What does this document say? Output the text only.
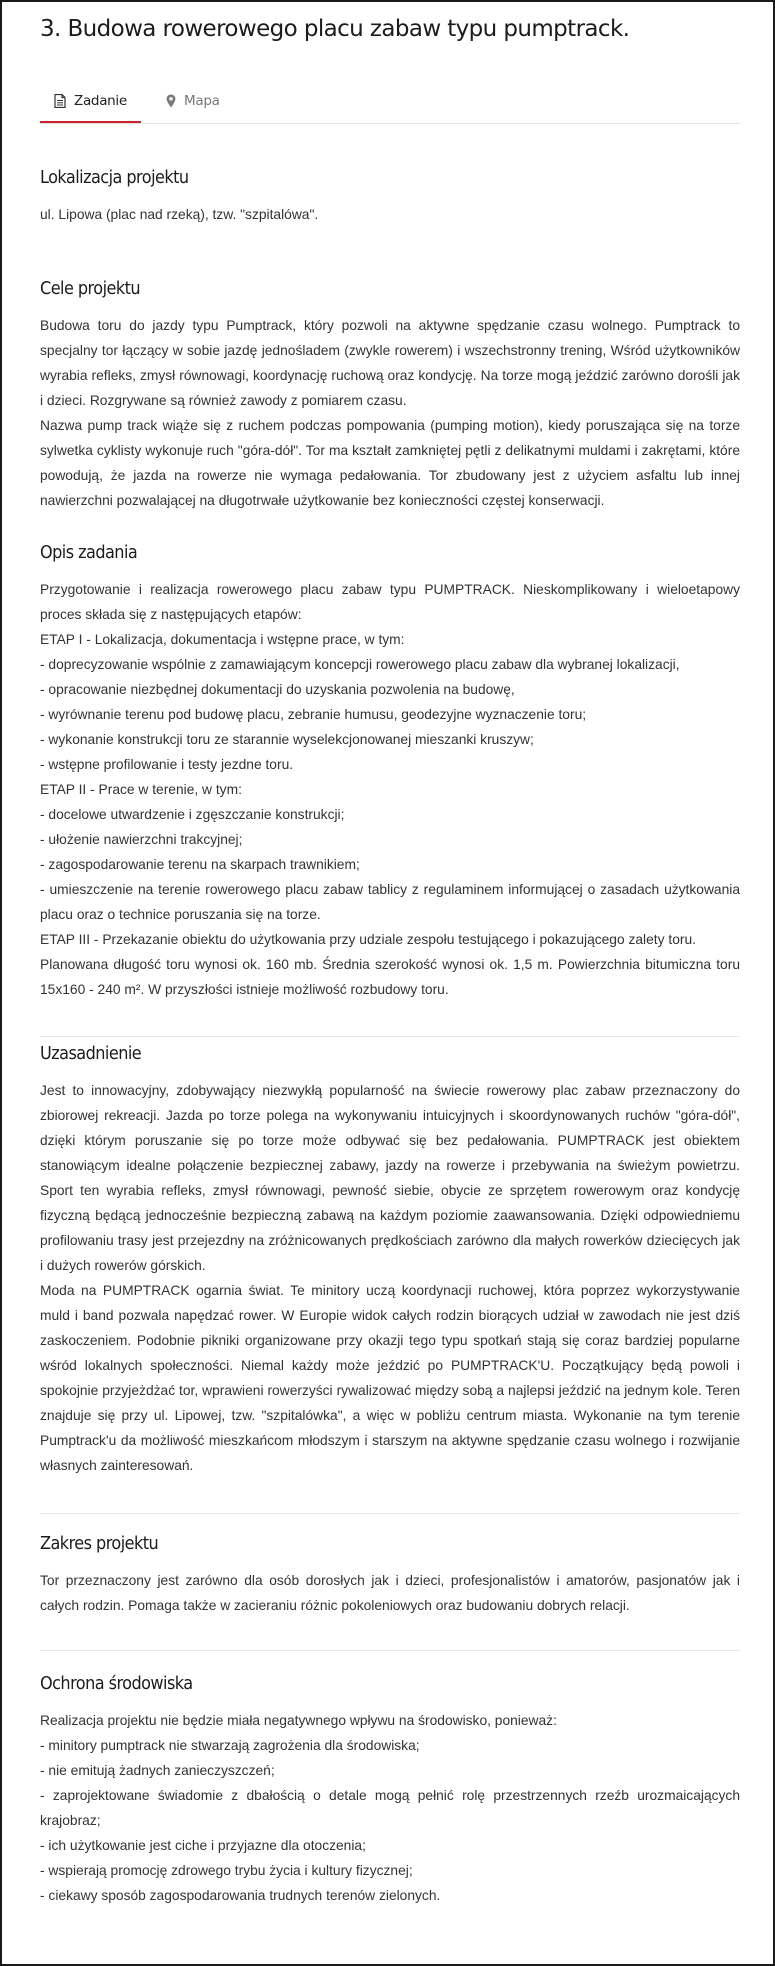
3. Budowa rowerowego placu zabaw typu pumptrack.
Zadanie	Mapa
Lokalizacja projektu

ul. Lipowa (plac nad rzeką), tzw. "szpitalówa".

Cele projektu

Budowa toru do jazdy typu Pumptrack, który pozwoli na aktywne spędzanie czasu wolnego. Pumptrack to specjalny tor łączący w sobie jazdę jednośladem (zwykle rowerem) i wszechstronny trening, Wśród użytkowników wyrabia refleks, zmysł równowagi, koordynację ruchową oraz kondycję. Na torze mogą jeździć zarówno dorośli jak i dzieci. Rozgrywane są również zawody z pomiarem czasu.
Nazwa pump track wiąże się z ruchem podczas pompowania (pumping motion), kiedy poruszająca się na torze sylwetka cyklisty wykonuje ruch "góra-dół". Tor ma kształt zamkniętej pętli z delikatnymi muldami i zakrętami, które powodują, że jazda na rowerze nie wymaga pedałowania. Tor zbudowany jest z użyciem asfaltu lub innej nawierzchni pozwalającej na długotrwałe użytkowanie bez konieczności częstej konserwacji.

Opis zadania

Przygotowanie i realizacja rowerowego placu zabaw typu PUMPTRACK. Nieskomplikowany i wieloetapowy proces składa się z następujących etapów:
ETAP I - Lokalizacja, dokumentacja i wstępne prace, w tym:
- doprecyzowanie wspólnie z zamawiającym koncepcji rowerowego placu zabaw dla wybranej lokalizacji,
- opracowanie niezbędnej dokumentacji do uzyskania pozwolenia na budowę,
- wyrównanie terenu pod budowę placu, zebranie humusu, geodezyjne wyznaczenie toru;
- wykonanie konstrukcji toru ze starannie wyselekcjonowanej mieszanki kruszyw;
- wstępne profilowanie i testy jezdne toru.
ETAP II - Prace w terenie, w tym:
- docelowe utwardzenie i zgęszczanie konstrukcji;
- ułożenie nawierzchni trakcyjnej;
- zagospodarowanie terenu na skarpach trawnikiem;
- umieszczenie na terenie rowerowego placu zabaw tablicy z regulaminem informującej o zasadach użytkowania placu oraz o technice poruszania się na torze.
ETAP III - Przekazanie obiektu do użytkowania przy udziale zespołu testującego i pokazującego zalety toru.
Planowana długość toru wynosi ok. 160 mb. Średnia szerokość wynosi ok. 1,5 m. Powierzchnia bitumiczna toru 15x160 - 240 m². W przyszłości istnieje możliwość rozbudowy toru.

Uzasadnienie

Jest to innowacyjny, zdobywający niezwykłą popularność na świecie rowerowy plac zabaw przeznaczony do zbiorowej rekreacji. Jazda po torze polega na wykonywaniu intuicyjnych i skoordynowanych ruchów "góra-dół", dzięki którym poruszanie się po torze może odbywać się bez pedałowania. PUMPTRACK jest obiektem stanowiącym idealne połączenie bezpiecznej zabawy, jazdy na rowerze i przebywania na świeżym powietrzu. Sport ten wyrabia refleks, zmysł równowagi, pewność siebie, obycie ze sprzętem rowerowym oraz kondycję fizyczną będącą jednocześnie bezpieczną zabawą na każdym poziomie zaawansowania. Dzięki odpowiedniemu profilowaniu trasy jest przejezdny na zróżnicowanych prędkościach zarówno dla małych rowerków dziecięcych jak i dużych rowerów górskich.
Moda na PUMPTRACK ogarnia świat. Te minitory uczą koordynacji ruchowej, która poprzez wykorzystywanie muld i band pozwala napędzać rower. W Europie widok całych rodzin biorących udział w zawodach nie jest dziś zaskoczeniem. Podobnie pikniki organizowane przy okazji tego typu spotkań stają się coraz bardziej popularne wśród lokalnych społeczności. Niemal każdy może jeździć po PUMPTRACK'U. Początkujący będą powoli i spokojnie przyjeżdżać tor, wprawieni rowerzyści rywalizować między sobą a najlepsi jeździć na jednym kole. Teren znajduje się przy ul. Lipowej, tzw. "szpitalówka", a więc w pobliżu centrum miasta. Wykonanie na tym terenie Pumptrack'u da możliwość mieszkańcom młodszym i starszym na aktywne spędzanie czasu wolnego i rozwijanie własnych zainteresowań.

Zakres projektu

Tor przeznaczony jest zarówno dla osób dorosłych jak i dzieci, profesjonalistów i amatorów, pasjonatów jak i całych rodzin. Pomaga także w zacieraniu różnic pokoleniowych oraz budowaniu dobrych relacji.

Ochrona środowiska

Realizacja projektu nie będzie miała negatywnego wpływu na środowisko, ponieważ:
- minitory pumptrack nie stwarzają zagrożenia dla środowiska;
- nie emitują żadnych zanieczyszczeń;
- zaprojektowane świadomie z dbałością o detale mogą pełnić rolę przestrzennych rzeźb urozmaicających krajobraz;
- ich użytkowanie jest ciche i przyjazne dla otoczenia;
- wspierają promocję zdrowego trybu życia i kultury fizycznej;
- ciekawy sposób zagospodarowania trudnych terenów zielonych.
